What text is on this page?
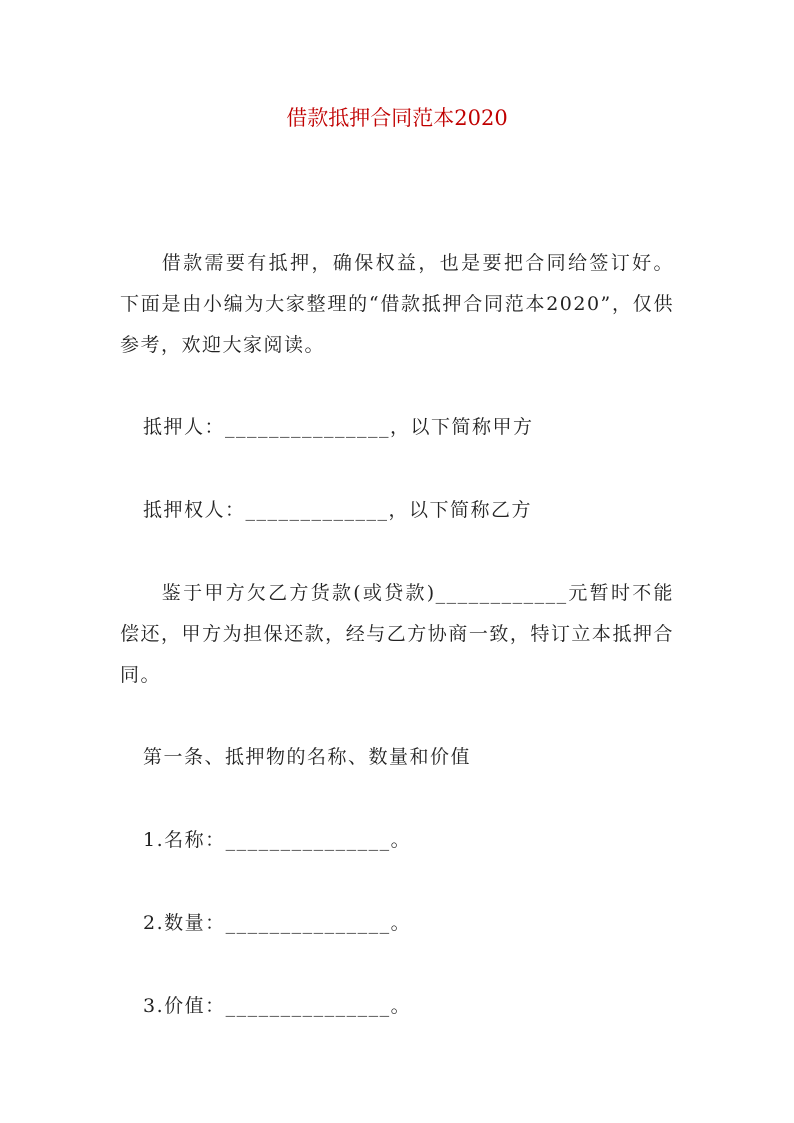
借款抵押合同范本2020
借款需要有抵押，确保权益，也是要把合同给签订好。下面是由小编为大家整理的“借款抵押合同范本2020”，仅供参考，欢迎大家阅读。
抵押人：_______________，以下简称甲方
抵押权人：_____________，以下简称乙方
鉴于甲方欠乙方货款(或贷款)____________元暂时不能偿还，甲方为担保还款，经与乙方协商一致，特订立本抵押合同。
第一条、抵押物的名称、数量和价值
1.名称：_______________。
2.数量：_______________。
3.价值：_______________。
